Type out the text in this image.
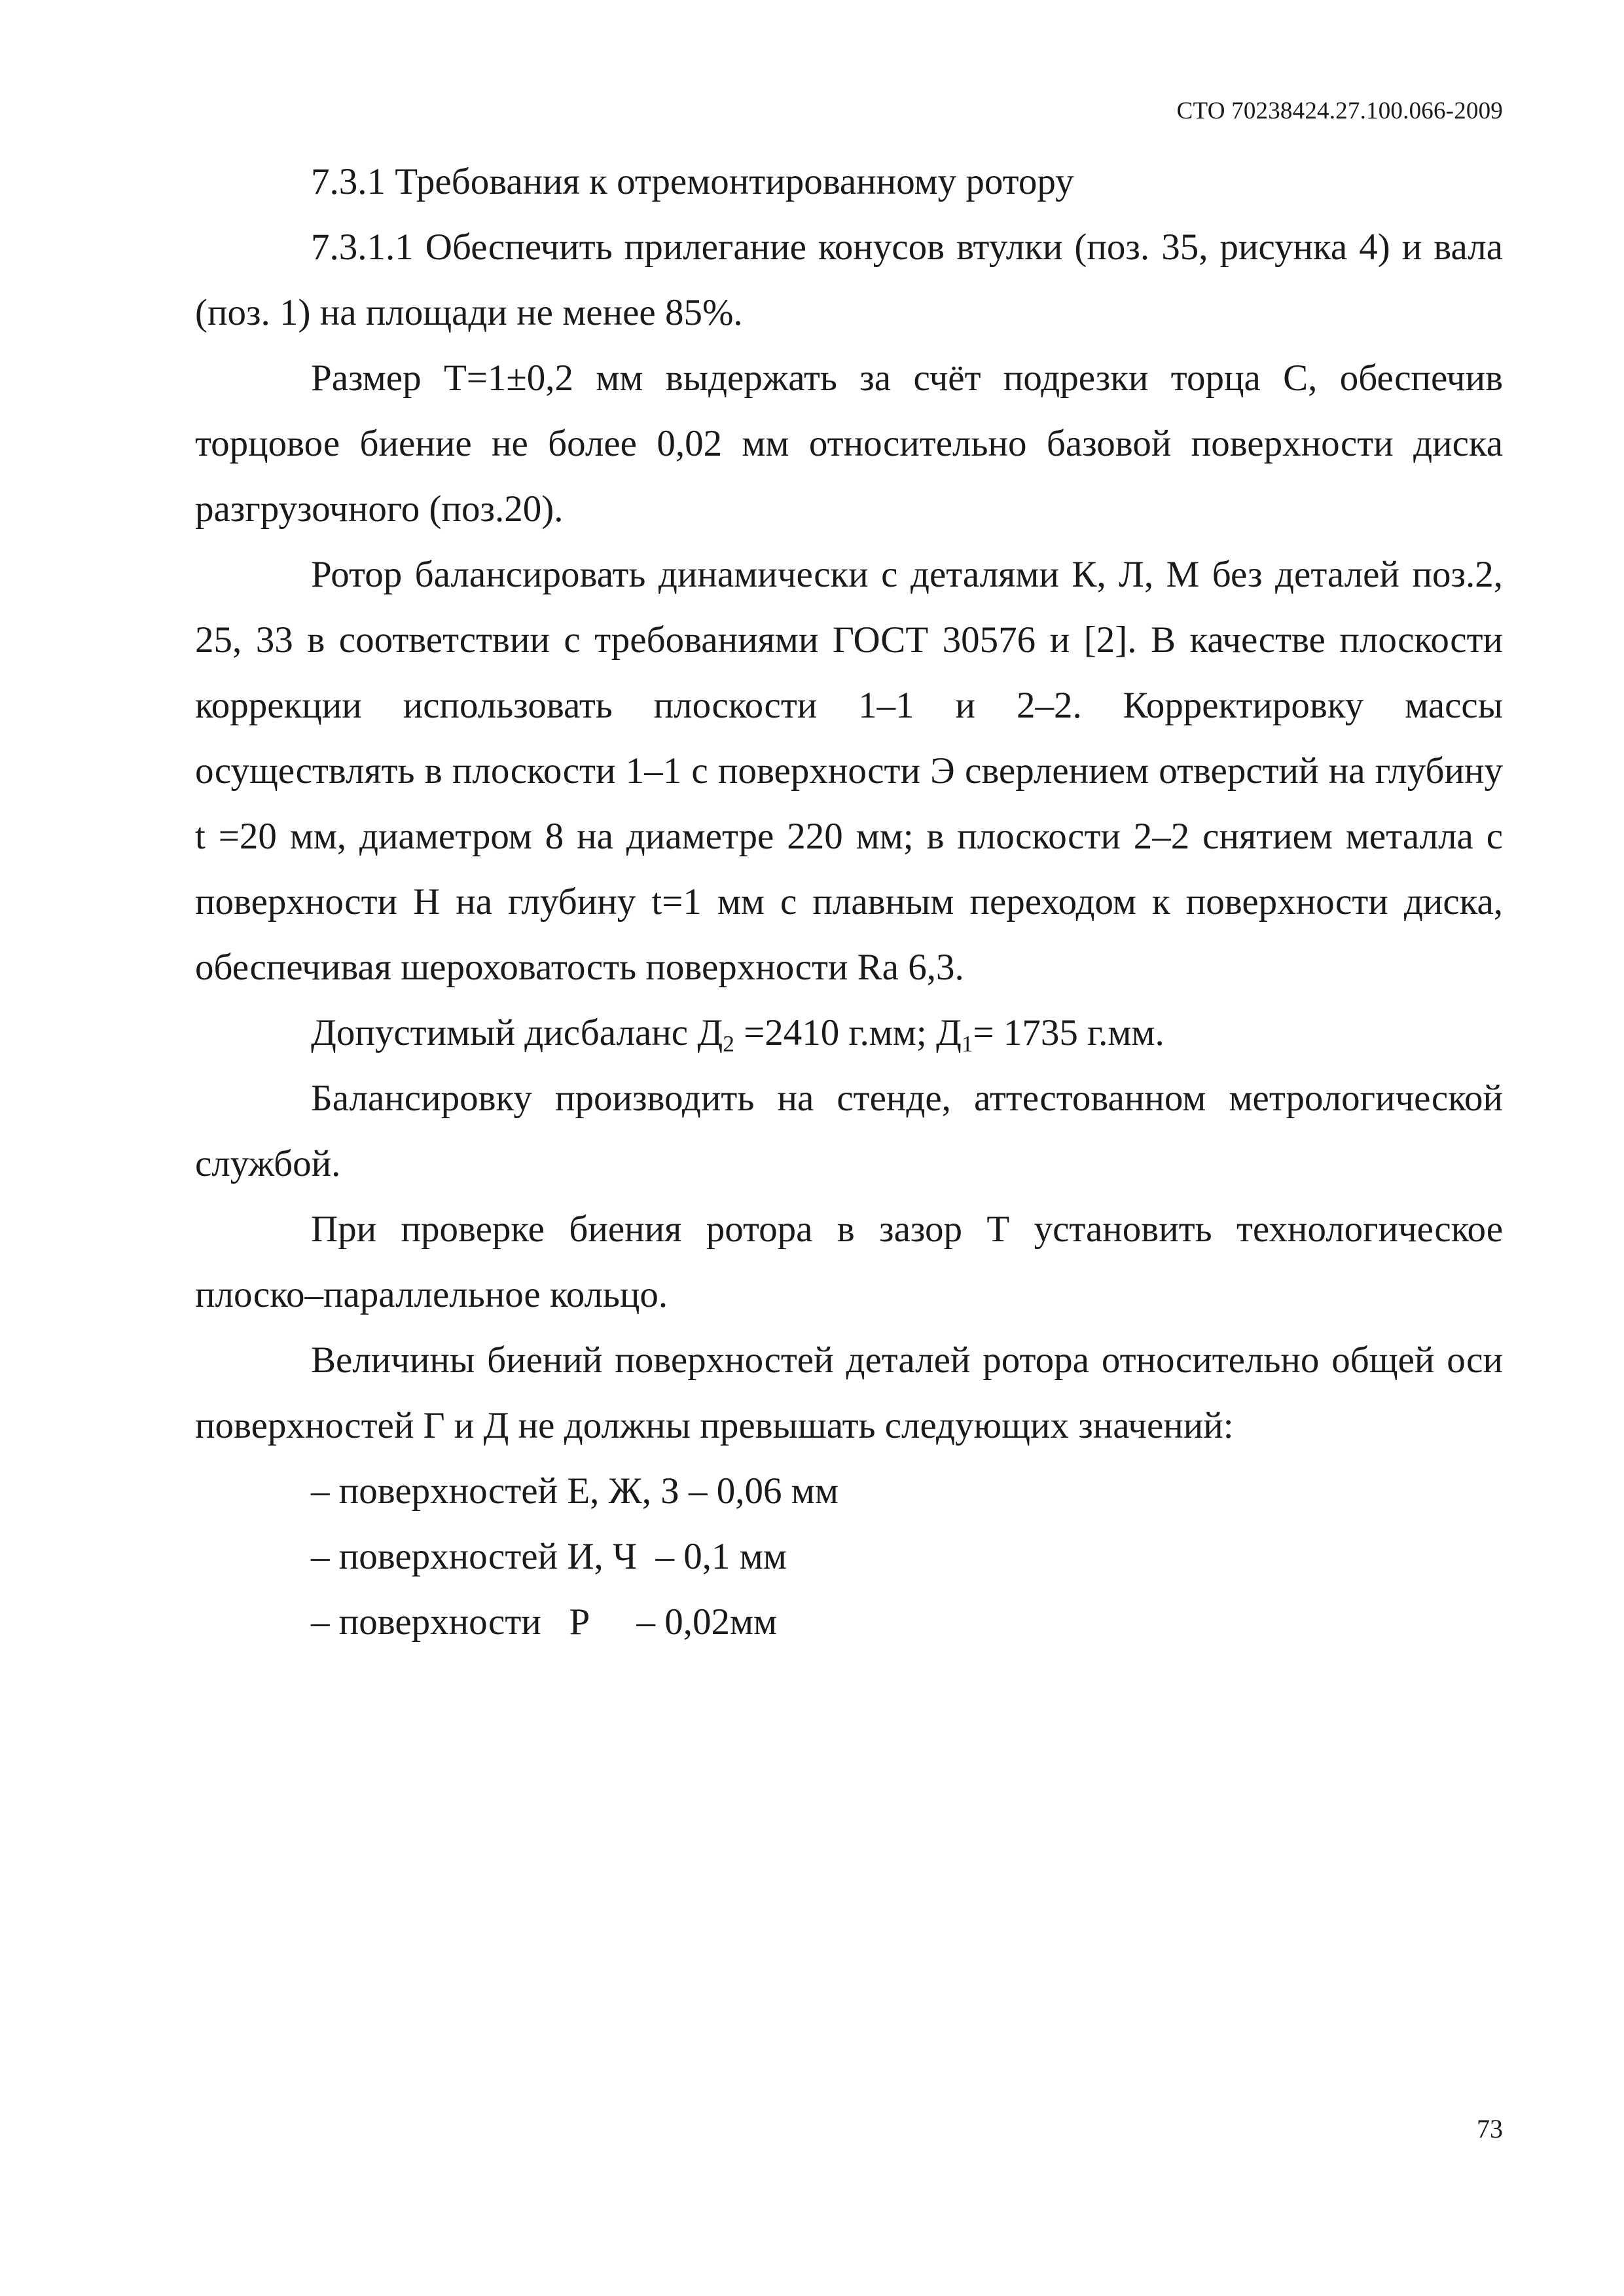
СТО 70238424.27.100.066-2009

7.3.1 Требования к отремонтированному ротору

7.3.1.1 Обеспечить прилегание конусов втулки (поз. 35, рисунка 4) и вала (поз. 1) на площади не менее 85%.

Размер Т=1±0,2 мм выдержать за счёт подрезки торца С, обеспечив торцовое биение не более 0,02 мм относительно базовой поверхности диска разгрузочного (поз.20).

Ротор балансировать динамически с деталями К, Л, М без деталей поз.2, 25, 33 в соответствии с требованиями ГОСТ 30576 и [2]. В качестве плоскости коррекции использовать плоскости 1–1 и 2–2. Корректировку массы осуществлять в плоскости 1–1 с поверхности Э сверлением отверстий на глубину t =20 мм, диаметром 8 на диаметре 220 мм; в плоскости 2–2 снятием металла с поверхности Н на глубину t=1 мм с плавным переходом к поверхности диска, обеспечивая шероховатость поверхности Ra 6,3.

Допустимый дисбаланс $Д_2 =2410$ г.мм; $Д_1= 1735$ г.мм.

Балансировку производить на стенде, аттестованном метрологической службой.

При проверке биения ротора в зазор Т установить технологическое плоско–параллельное кольцо.

Величины биений поверхностей деталей ротора относительно общей оси поверхностей Г и Д не должны превышать следующих значений:

– поверхностей Е, Ж, З – 0,06 мм

– поверхностей И, Ч  – 0,1 мм

– поверхности   Р     – 0,02мм

73
